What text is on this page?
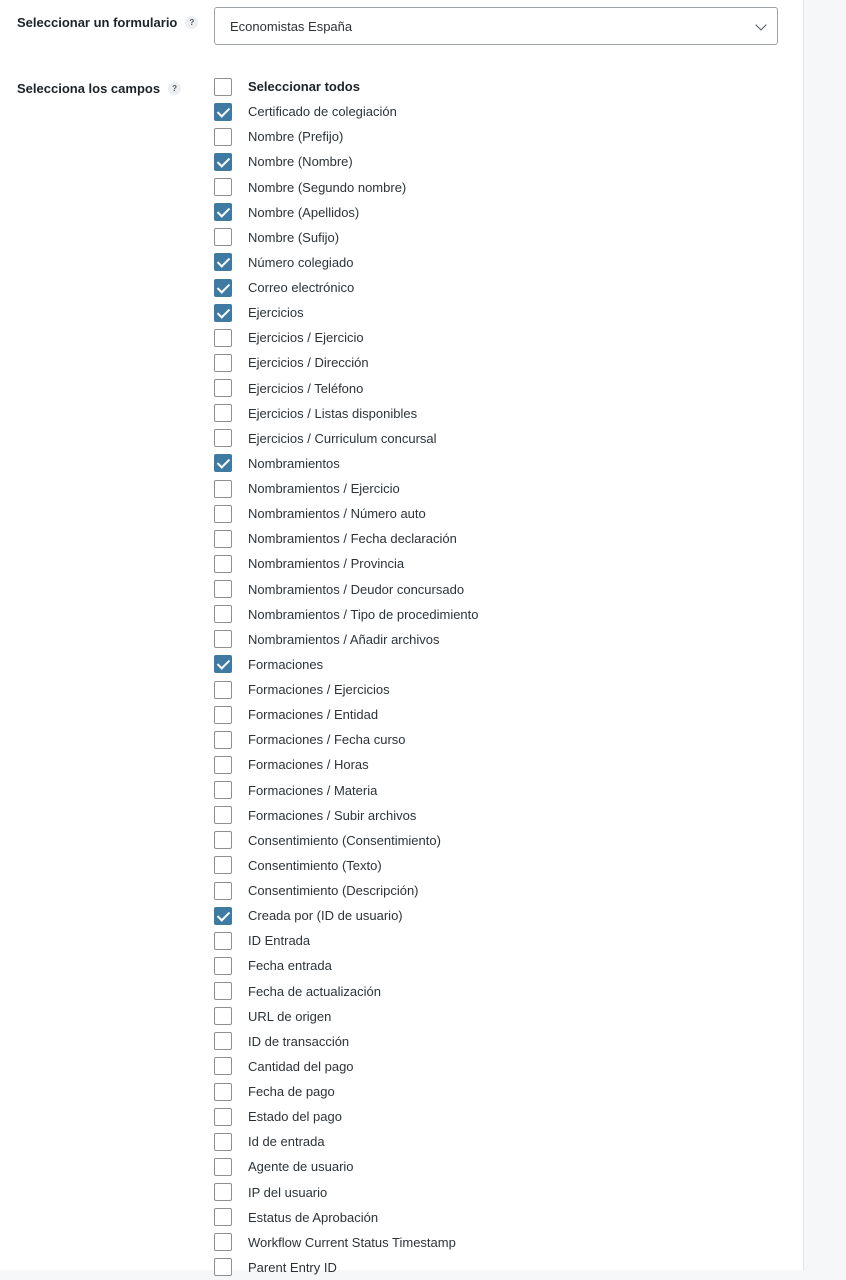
Seleccionar un formulario	?	Economistas España
Selecciona los campos	?	Seleccionar todos
Certificado de colegiación
Nombre (Prefijo)
Nombre (Nombre)
Nombre (Segundo nombre)
Nombre (Apellidos)
Nombre (Sufijo)
Número colegiado
Correo electrónico
Ejercicios
Ejercicios / Ejercicio
Ejercicios / Dirección
Ejercicios / Teléfono
Ejercicios / Listas disponibles
Ejercicios / Curriculum concursal
Nombramientos
Nombramientos / Ejercicio
Nombramientos / Número auto
Nombramientos / Fecha declaración
Nombramientos / Provincia
Nombramientos / Deudor concursado
Nombramientos / Tipo de procedimiento
Nombramientos / Añadir archivos
Formaciones
Formaciones / Ejercicios
Formaciones / Entidad
Formaciones / Fecha curso
Formaciones / Horas
Formaciones / Materia
Formaciones / Subir archivos
Consentimiento (Consentimiento)
Consentimiento (Texto)
Consentimiento (Descripción)
Creada por (ID de usuario)
ID Entrada
Fecha entrada
Fecha de actualización
URL de origen
ID de transacción
Cantidad del pago
Fecha de pago
Estado del pago
Id de entrada
Agente de usuario
IP del usuario
Estatus de Aprobación
Workflow Current Status Timestamp
Parent Entry ID
